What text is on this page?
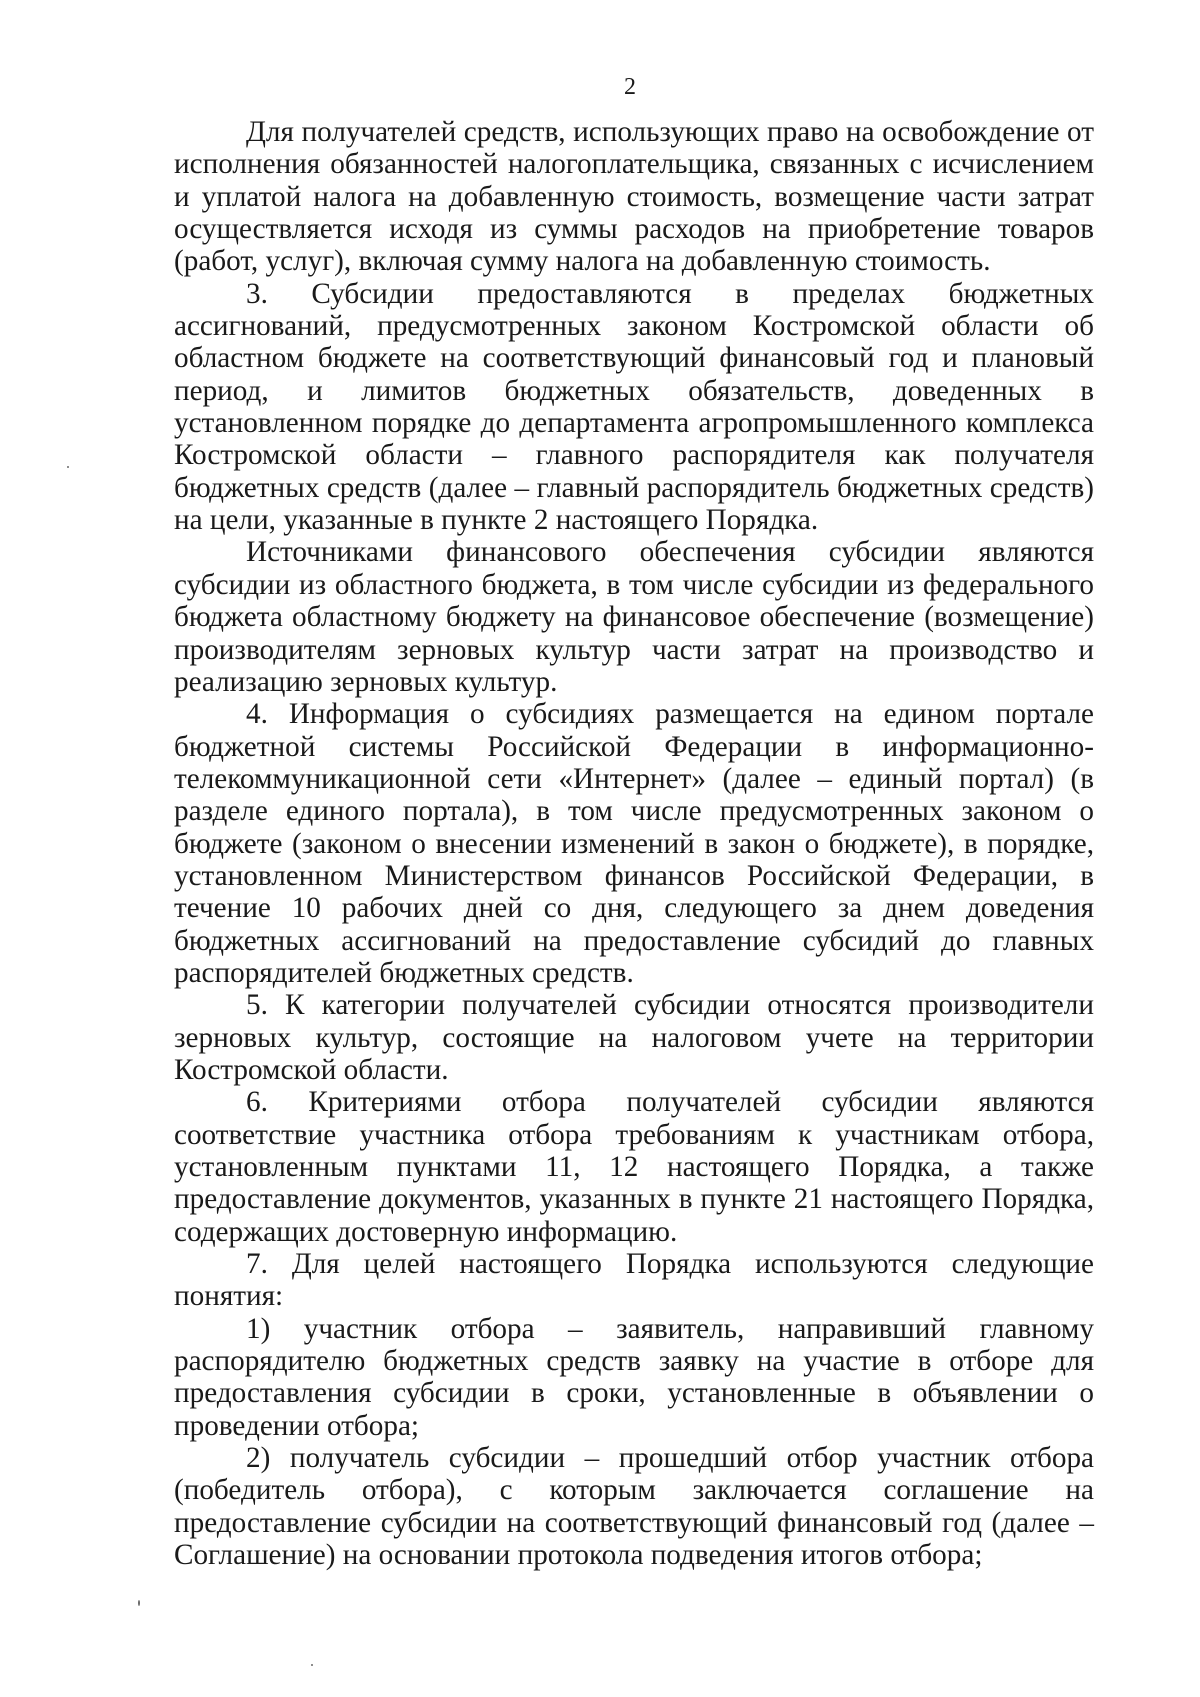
2

Для получателей средств, использующих право на освобождение от исполнения обязанностей налогоплательщика, связанных с исчислением и уплатой налога на добавленную стоимость, возмещение части затрат осуществляется исходя из суммы расходов на приобретение товаров (работ, услуг), включая сумму налога на добавленную стоимость.

3. Субсидии предоставляются в пределах бюджетных ассигнований, предусмотренных законом Костромской области об областном бюджете на соответствующий финансовый год и плановый период, и лимитов бюджетных обязательств, доведенных в установленном порядке до департамента агропромышленного комплекса Костромской области – главного распорядителя как получателя бюджетных средств (далее – главный распорядитель бюджетных средств) на цели, указанные в пункте 2 настоящего Порядка.

Источниками финансового обеспечения субсидии являются субсидии из областного бюджета, в том числе субсидии из федерального бюджета областному бюджету на финансовое обеспечение (возмещение) производителям зерновых культур части затрат на производство и реализацию зерновых культур.

4. Информация о субсидиях размещается на едином портале бюджетной системы Российской Федерации в информационно-телекоммуникационной сети «Интернет» (далее – единый портал) (в разделе единого портала), в том числе предусмотренных законом о бюджете (законом о внесении изменений в закон о бюджете), в порядке, установленном Министерством финансов Российской Федерации, в течение 10 рабочих дней со дня, следующего за днем доведения бюджетных ассигнований на предоставление субсидий до главных распорядителей бюджетных средств.

5. К категории получателей субсидии относятся производители зерновых культур, состоящие на налоговом учете на территории Костромской области.

6. Критериями отбора получателей субсидии являются соответствие участника отбора требованиям к участникам отбора, установленным пунктами 11, 12 настоящего Порядка, а также предоставление документов, указанных в пункте 21 настоящего Порядка, содержащих достоверную информацию.

7. Для целей настоящего Порядка используются следующие понятия:

1) участник отбора – заявитель, направивший главному распорядителю бюджетных средств заявку на участие в отборе для предоставления субсидии в сроки, установленные в объявлении о проведении отбора;

2) получатель субсидии – прошедший отбор участник отбора (победитель отбора), с которым заключается соглашение на предоставление субсидии на соответствующий финансовый год (далее – Соглашение) на основании протокола подведения итогов отбора;
